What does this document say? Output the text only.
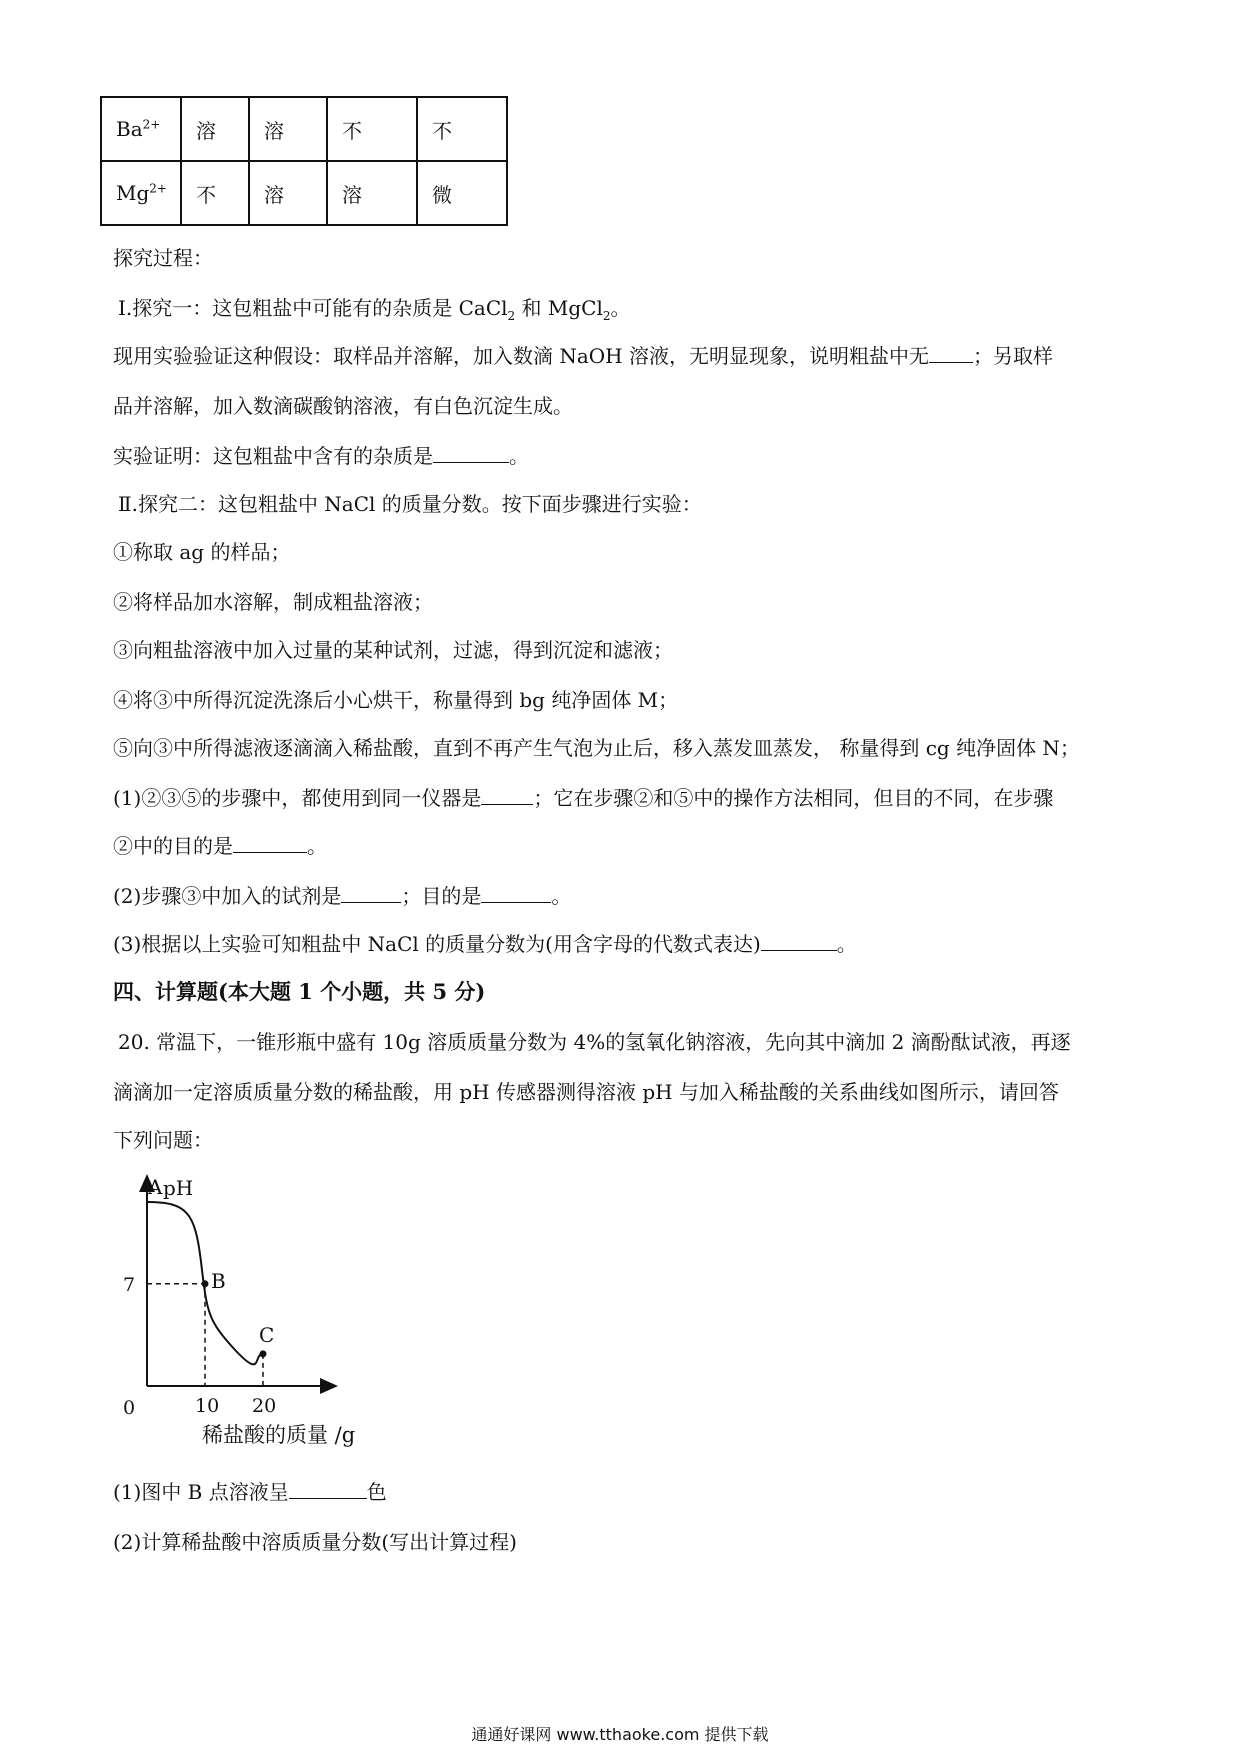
$Ba^{2+}$	溶	溶	不	不
$Mg^{2+}$	不	溶	溶	微
探究过程：
Ⅰ.探究一：这包粗盐中可能有的杂质是 CaCl$_2$ 和 MgCl$_2$。
现用实验验证这种假设：取样品并溶解，加入数滴 NaOH 溶液，无明显现象，说明粗盐中无 ；另取样
品并溶解，加入数滴碳酸钠溶液，有白色沉淀生成。
实验证明：这包粗盐中含有的杂质是	。
Ⅱ.探究二：这包粗盐中 NaCl 的质量分数。按下面步骤进行实验：
①称取 ag 的样品；
②将样品加水溶解，制成粗盐溶液；
③向粗盐溶液中加入过量的某种试剂，过滤，得到沉淀和滤液；
④将③中所得沉淀洗涤后小心烘干，称量得到 bg 纯净固体 M；
⑤向③中所得滤液逐滴滴入稀盐酸，直到不再产生气泡为止后，移入蒸发皿蒸发， 称量得到 cg 纯净固体 N；
(1)②③⑤的步骤中，都使用到同一仪器是	；它在步骤②和⑤中的操作方法相同，但目的不同，在步骤
②中的目的是	。
(2)步骤③中加入的试剂是	；目的是	。
(3)根据以上实验可知粗盐中 NaCl 的质量分数为(用含字母的代数式表达)	。
四、计算题(本大题 1 个小题，共 5 分)
20. 常温下，一锥形瓶中盛有 10g 溶质质量分数为 4%的氢氧化钠溶液，先向其中滴加 2 滴酚酞试液，再逐
滴滴加一定溶质质量分数的稀盐酸，用 pH 传感器测得溶液 pH 与加入稀盐酸的关系曲线如图所示，请回答
下列问题：
pH
A
B
C
7
0	10 20
稀盐酸的质量 /g
(1)图中 B 点溶液呈	色
(2)计算稀盐酸中溶质质量分数(写出计算过程)
通通好课网 www.tthaoke.com 提供下载
